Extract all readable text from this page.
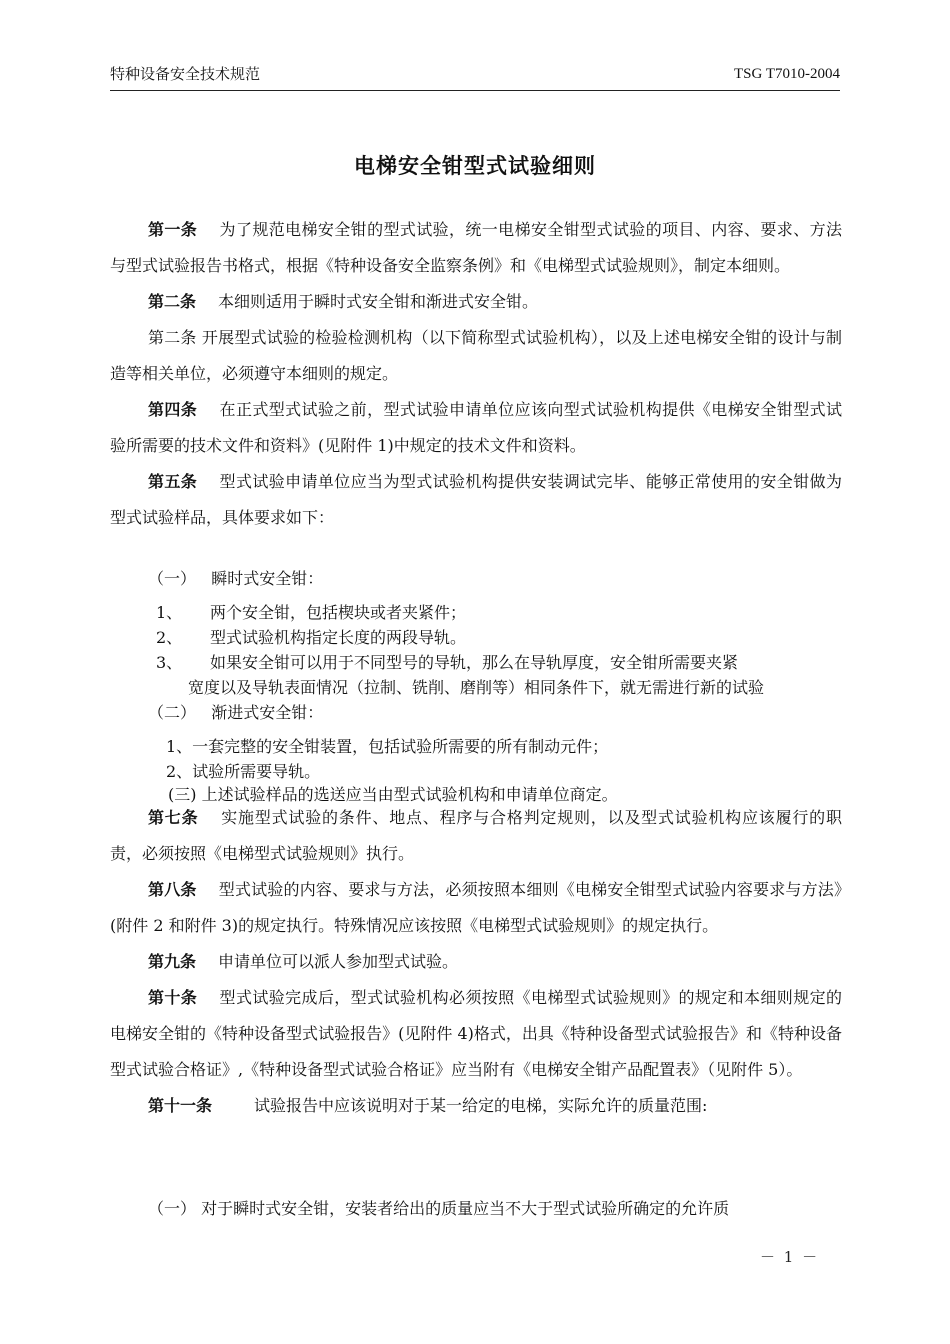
特种设备安全技术规范	TSG T7010-2004

电梯安全钳型式试验细则

第一条 为了规范电梯安全钳的型式试验，统一电梯安全钳型式试验的项目、内容、要求、方法与型式试验报告书格式，根据《特种设备安全监察条例》和《电梯型式试验规则》，制定本细则。

第二条 本细则适用于瞬时式安全钳和渐进式安全钳。

第二条 开展型式试验的检验检测机构（以下简称型式试验机构），以及上述电梯安全钳的设计与制造等相关单位，必须遵守本细则的规定。

第四条 在正式型式试验之前，型式试验申请单位应该向型式试验机构提供《电梯安全钳型式试验所需要的技术文件和资料》(见附件 1)中规定的技术文件和资料。

第五条 型式试验申请单位应当为型式试验机构提供安装调试完毕、能够正常使用的安全钳做为型式试验样品，具体要求如下：

（一） 瞬时式安全钳：
1、 两个安全钳，包括楔块或者夹紧件；
2、 型式试验机构指定长度的两段导轨。
3、 如果安全钳可以用于不同型号的导轨，那么在导轨厚度，安全钳所需要夹紧
宽度以及导轨表面情况（拉制、铣削、磨削等）相同条件下，就无需进行新的试验
（二） 渐进式安全钳：
1、一套完整的安全钳装置，包括试验所需要的所有制动元件；
2、试验所需要导轨。
(三) 上述试验样品的选送应当由型式试验机构和申请单位商定。

第七条 实施型式试验的条件、地点、程序与合格判定规则，以及型式试验机构应该履行的职责，必须按照《电梯型式试验规则》执行。

第八条 型式试验的内容、要求与方法，必须按照本细则《电梯安全钳型式试验内容要求与方法》(附件 2 和附件 3)的规定执行。特殊情况应该按照《电梯型式试验规则》的规定执行。

第九条 申请单位可以派人参加型式试验。

第十条 型式试验完成后，型式试验机构必须按照《电梯型式试验规则》的规定和本细则规定的电梯安全钳的《特种设备型式试验报告》(见附件 4)格式，出具《特种设备型式试验报告》和《特种设备型式试验合格证》,《特种设备型式试验合格证》应当附有《电梯安全钳产品配置表》（见附件 5）。

第十一条	试验报告中应该说明对于某一给定的电梯，实际允许的质量范围:

（一） 对于瞬时式安全钳，安装者给出的质量应当不大于型式试验所确定的允许质
－ 1 －
